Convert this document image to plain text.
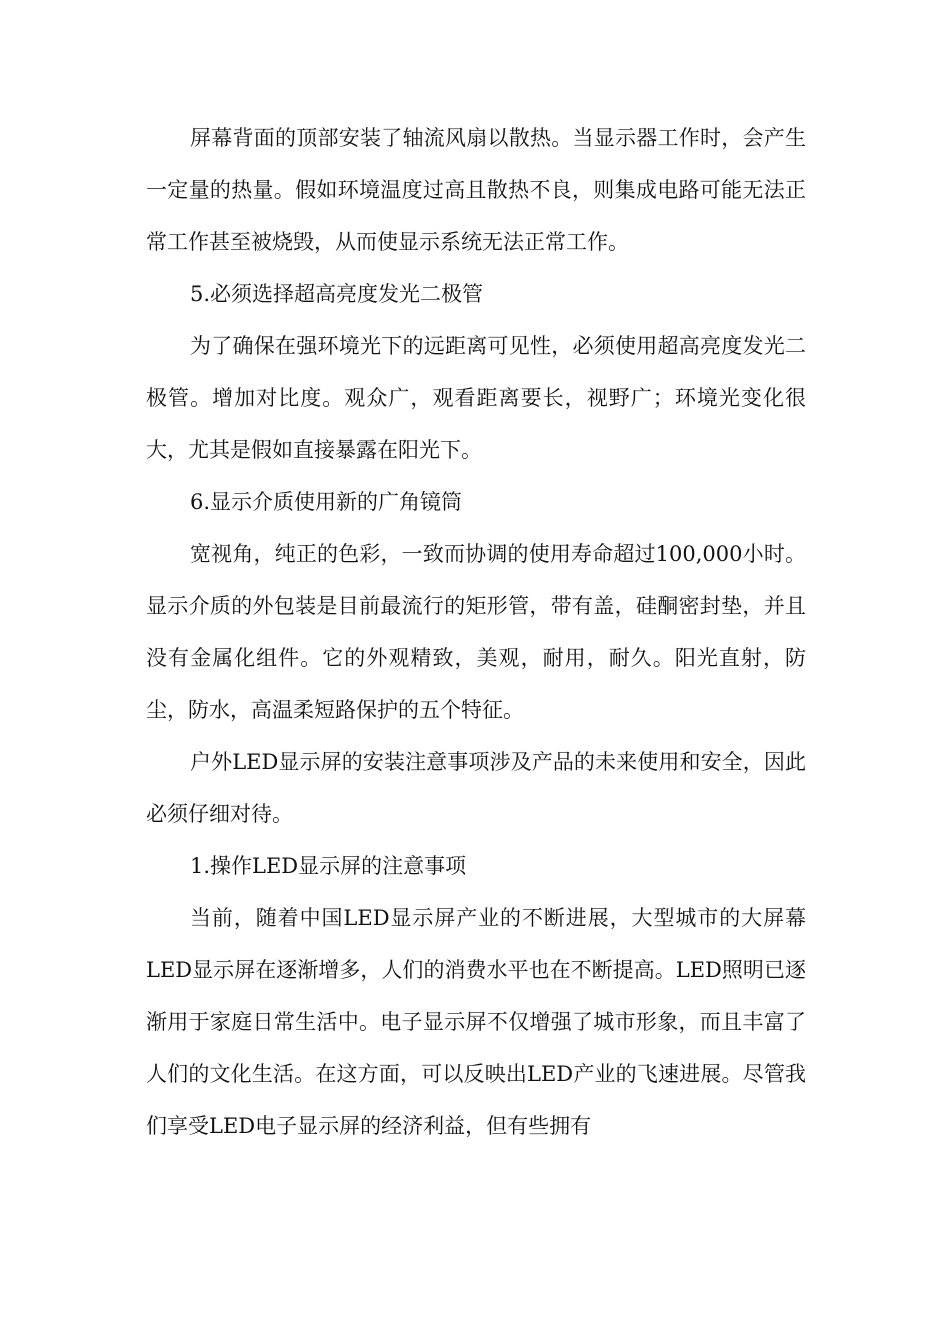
屏幕背面的顶部安装了轴流风扇以散热。当显示器工作时，会产生一定量的热量。假如环境温度过高且散热不良，则集成电路可能无法正常工作甚至被烧毁，从而使显示系统无法正常工作。

5.必须选择超高亮度发光二极管

为了确保在强环境光下的远距离可见性，必须使用超高亮度发光二极管。增加对比度。观众广，观看距离要长，视野广；环境光变化很大，尤其是假如直接暴露在阳光下。

6.显示介质使用新的广角镜筒

宽视角，纯正的色彩，一致而协调的使用寿命超过100,000小时。显示介质的外包装是目前最流行的矩形管，带有盖，硅酮密封垫，并且没有金属化组件。它的外观精致，美观，耐用，耐久。阳光直射，防尘，防水，高温柔短路保护的五个特征。

户外LED显示屏的安装注意事项涉及产品的未来使用和安全，因此必须仔细对待。

1.操作LED显示屏的注意事项

当前，随着中国LED显示屏产业的不断进展，大型城市的大屏幕LED显示屏在逐渐增多，人们的消费水平也在不断提高。LED照明已逐渐用于家庭日常生活中。电子显示屏不仅增强了城市形象，而且丰富了人们的文化生活。在这方面，可以反映出LED产业的飞速进展。尽管我们享受LED电子显示屏的经济利益，但有些拥有
